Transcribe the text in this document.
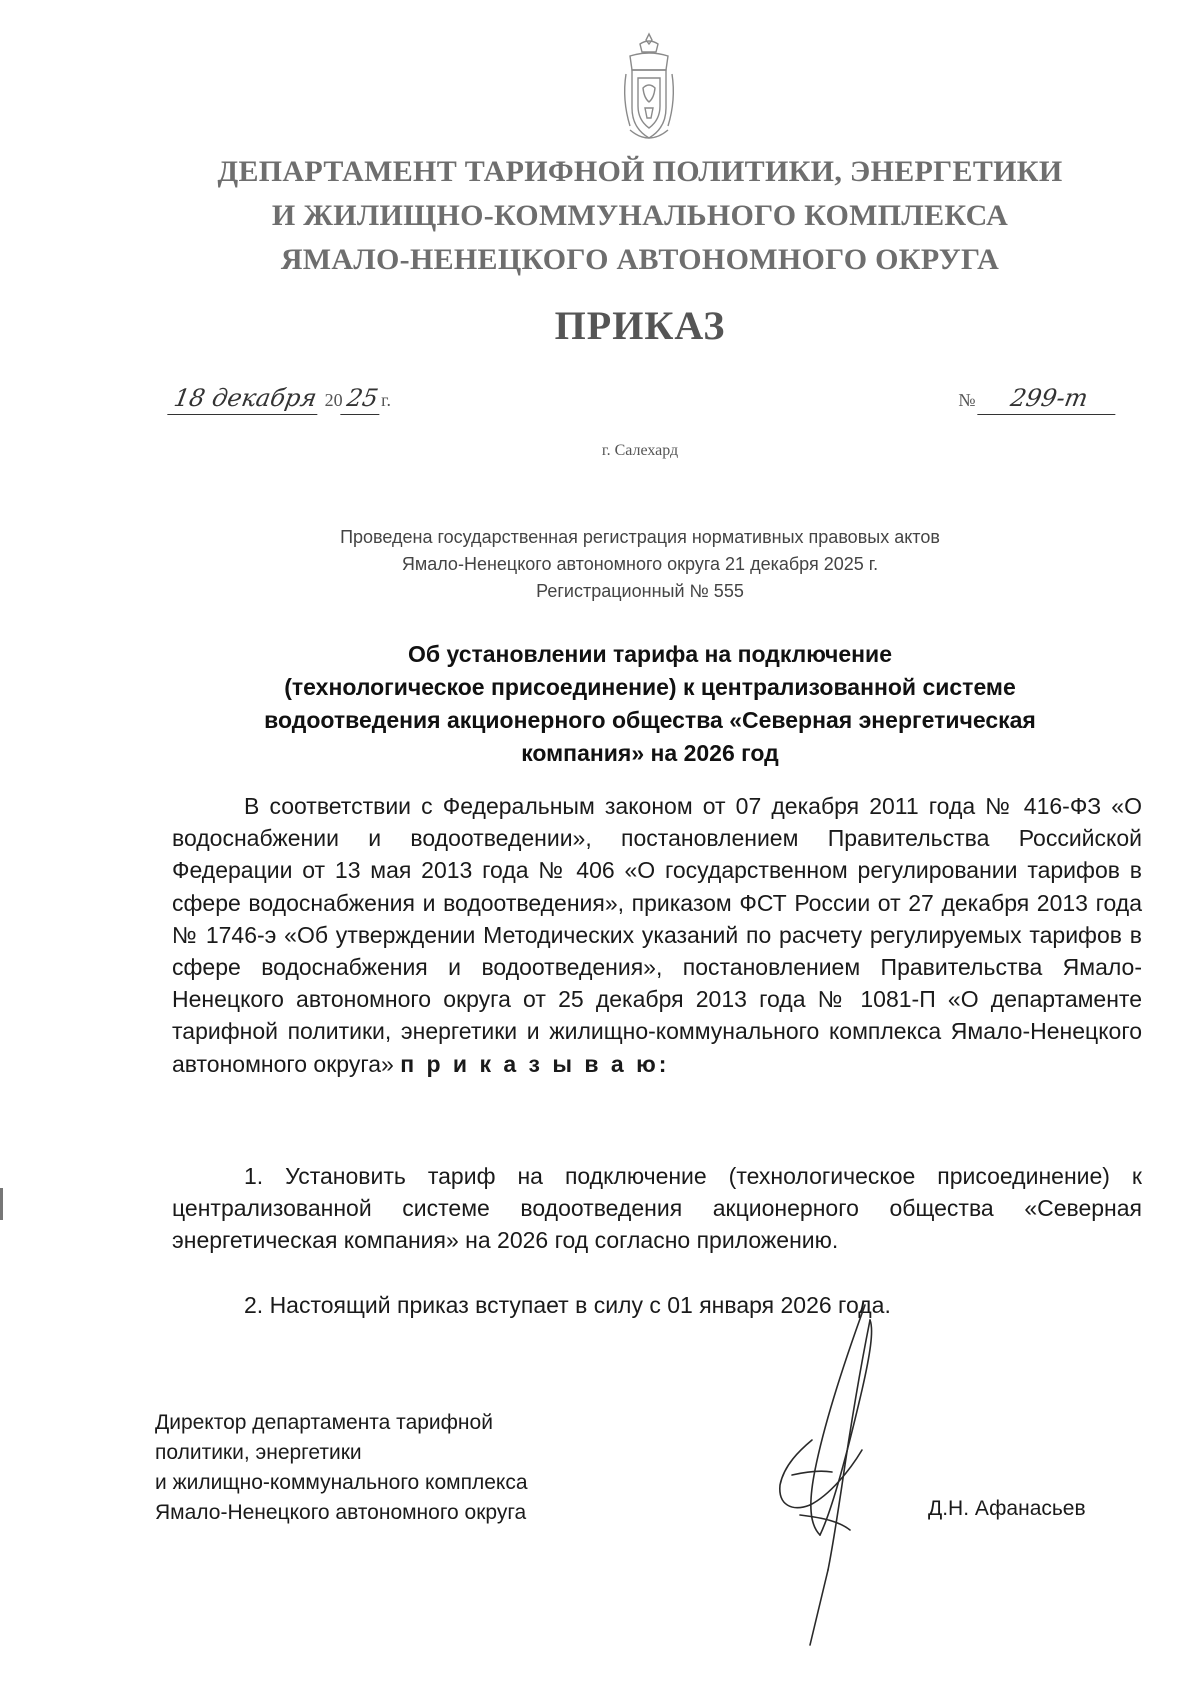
ДЕПАРТАМЕНТ ТАРИФНОЙ ПОЛИТИКИ, ЭНЕРГЕТИКИ
И ЖИЛИЩНО-КОММУНАЛЬНОГО КОМПЛЕКСА
ЯМАЛО-НЕНЕЦКОГО АВТОНОМНОГО ОКРУГА
ПРИКАЗ
18 декабря 2025г.	№ 299-т
г. Салехард
Проведена государственная регистрация нормативных правовых актов
Ямало-Ненецкого автономного округа 21 декабря 2025 г.
Регистрационный № 555
Об установлении тарифа на подключение
(технологическое присоединение) к централизованной системе
водоотведения акционерного общества «Северная энергетическая
компания» на 2026 год

В соответствии с Федеральным законом от 07 декабря 2011 года № 416-ФЗ «О водоснабжении и водоотведении», постановлением Правительства Российской Федерации от 13 мая 2013 года № 406 «О государственном регулировании тарифов в сфере водоснабжения и водоотведения», приказом ФСТ России от 27 декабря 2013 года № 1746-э «Об утверждении Методических указаний по расчету регулируемых тарифов в сфере водоснабжения и водоотведения», постановлением Правительства Ямало-Ненецкого автономного округа от 25 декабря 2013 года № 1081-П «О департаменте тарифной политики, энергетики и жилищно-коммунального комплекса Ямало-Ненецкого автономного округа» п р и к а з ы в а ю:

1. Установить тариф на подключение (технологическое присоединение) к централизованной системе водоотведения акционерного общества «Северная энергетическая компания» на 2026 год согласно приложению.

2. Настоящий приказ вступает в силу с 01 января 2026 года.

Директор департамента тарифной
политики, энергетики
и жилищно-коммунального комплекса
Ямало-Ненецкого автономного округа	Д.Н. Афанасьев
